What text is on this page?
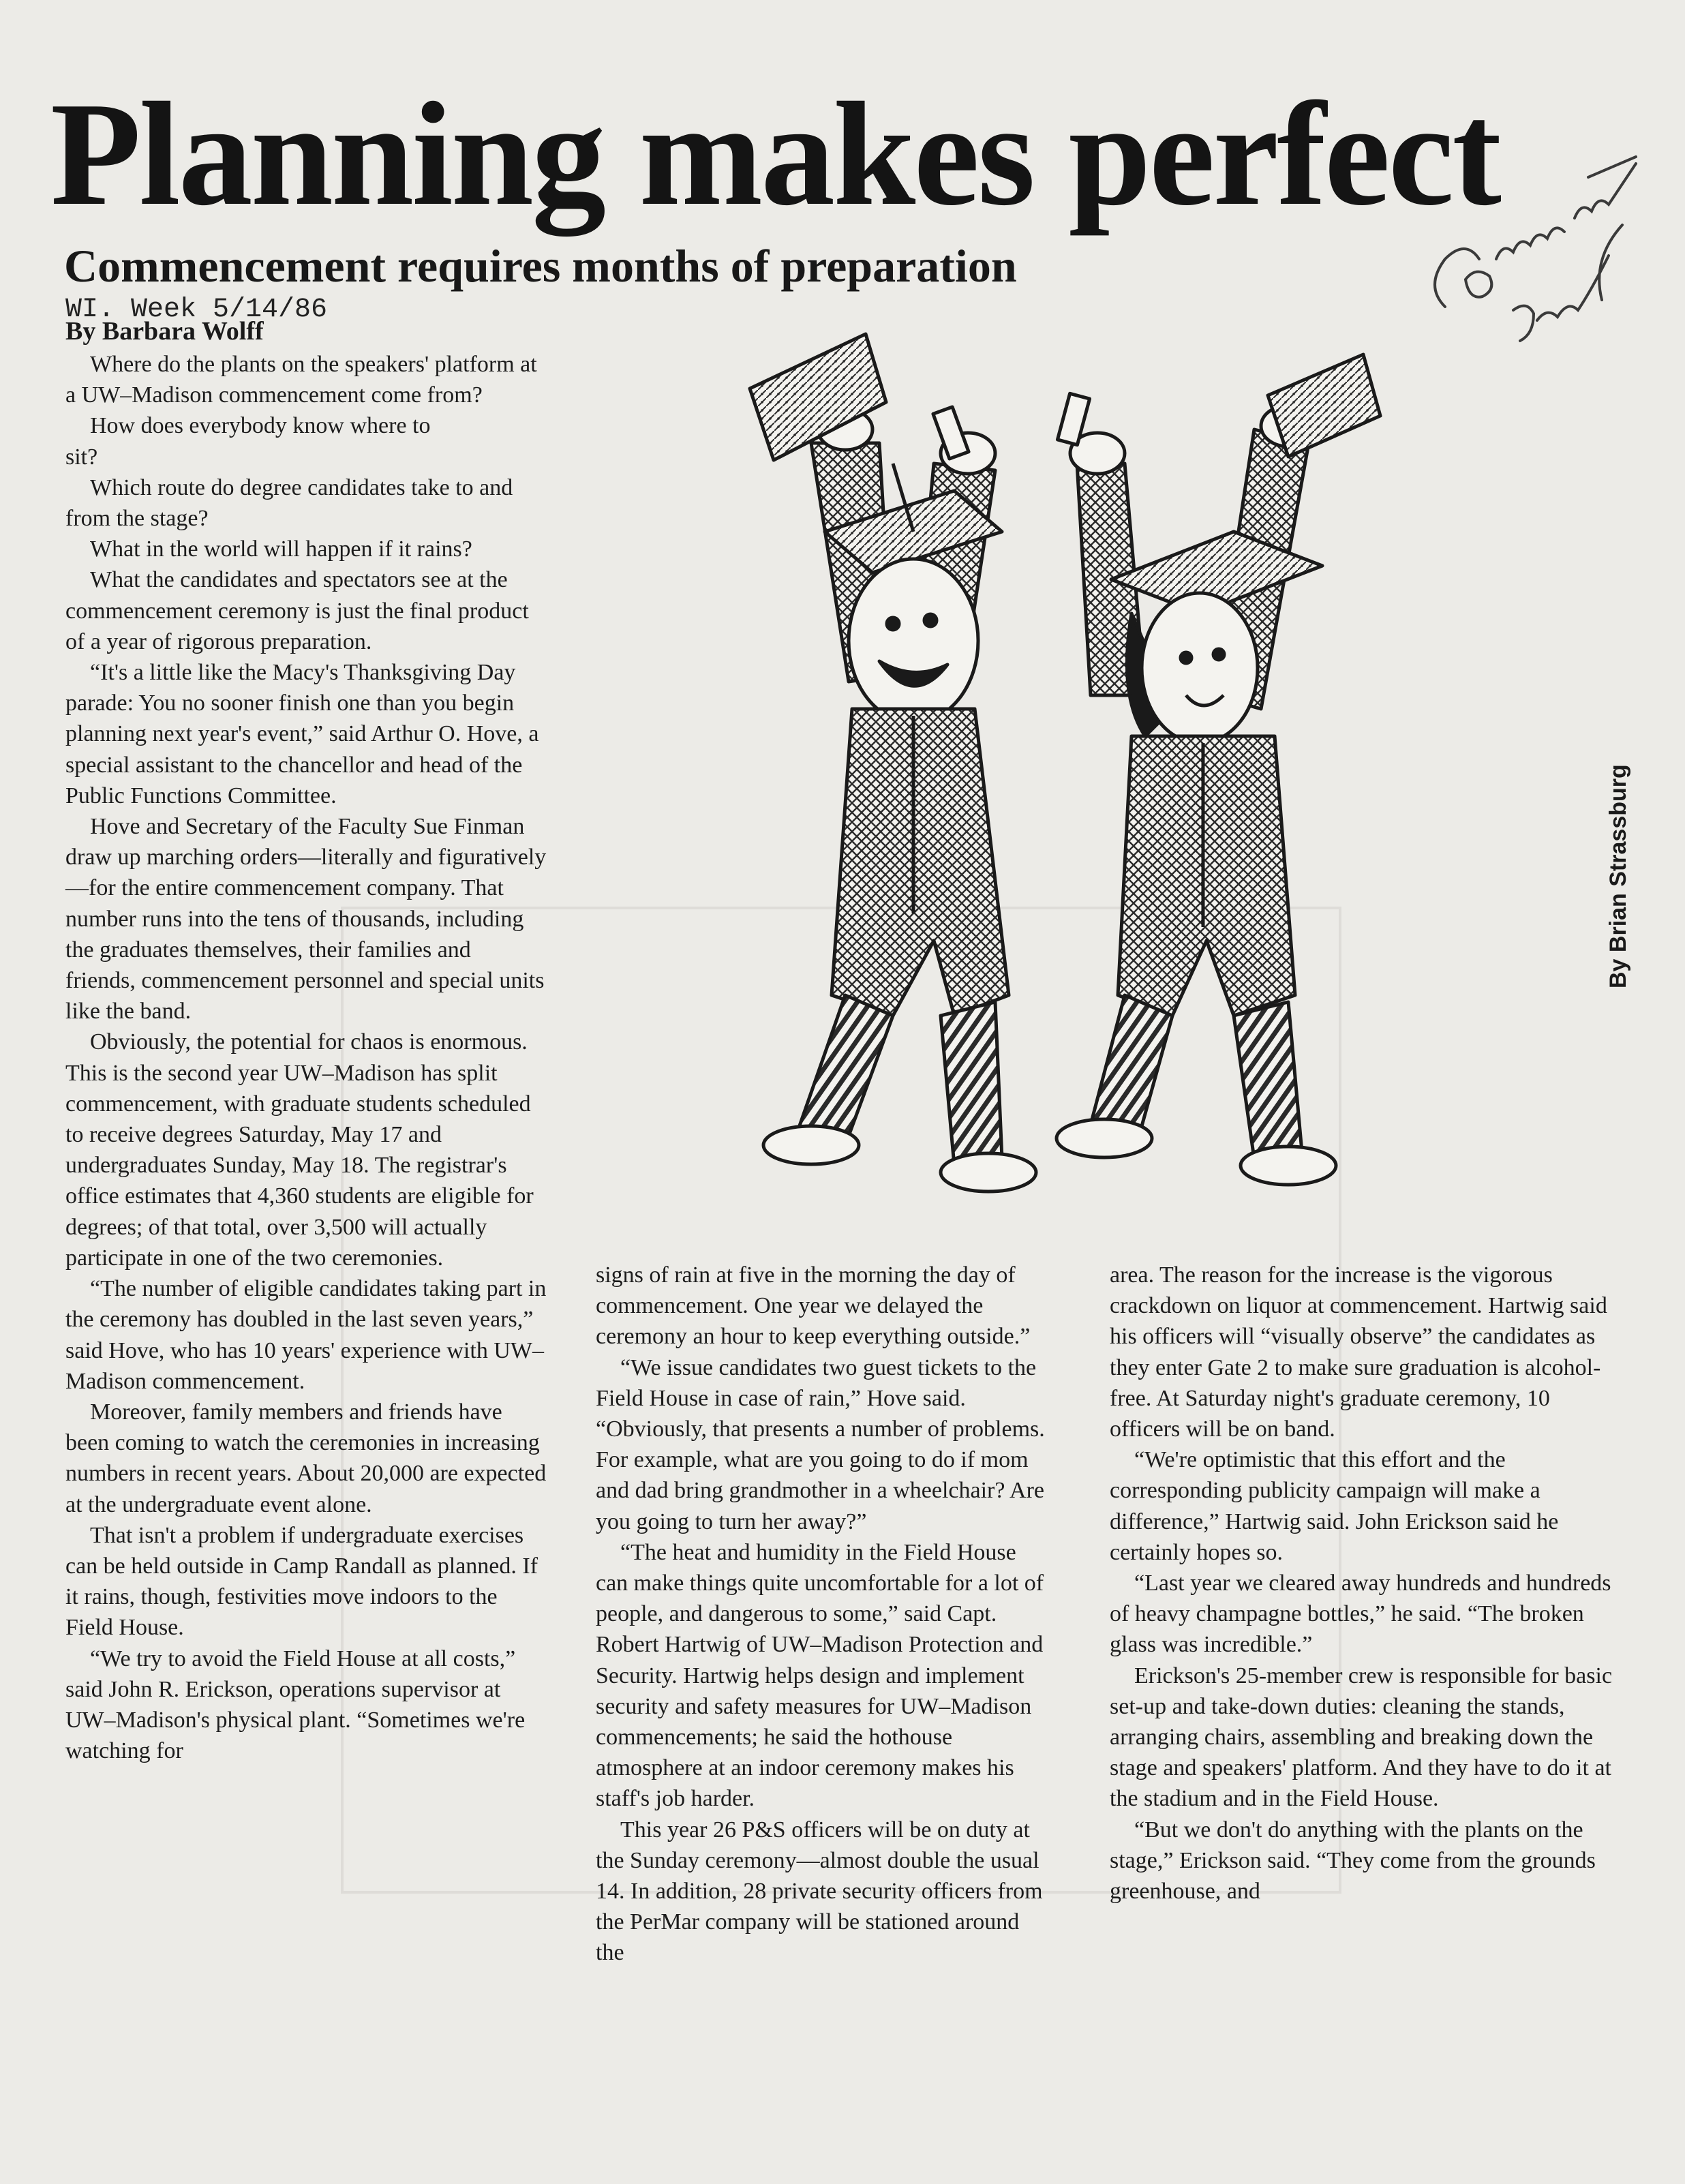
Planning makes perfect
Commencement requires months of preparation
WI. Week 5/14/86
By Barbara Wolff

Where do the plants on the speakers' platform at a UW–Madison commencement come from?

How does everybody know where to sit?

Which route do degree candidates take to and from the stage?

What in the world will happen if it rains?

What the candidates and spectators see at the commencement ceremony is just the final product of a year of rigorous preparation.

“It's a little like the Macy's Thanksgiving Day parade: You no sooner finish one than you begin planning next year's event,” said Arthur O. Hove, a special assistant to the chancellor and head of the Public Functions Committee.

Hove and Secretary of the Faculty Sue Finman draw up marching orders—literally and figuratively—for the entire commencement company. That number runs into the tens of thousands, including the graduates themselves, their families and friends, commencement personnel and special units like the band.

Obviously, the potential for chaos is enormous. This is the second year UW–Madison has split commencement, with graduate students scheduled to receive degrees Saturday, May 17 and undergraduates Sunday, May 18. The registrar's office estimates that 4,360 students are eligible for degrees; of that total, over 3,500 will actually participate in one of the two ceremonies.

“The number of eligible candidates taking part in the ceremony has doubled in the last seven years,” said Hove, who has 10 years' experience with UW–Madison commencement.

Moreover, family members and friends have been coming to watch the ceremonies in increasing numbers in recent years. About 20,000 are expected at the undergraduate event alone.

That isn't a problem if undergraduate exercises can be held outside in Camp Randall as planned. If it rains, though, festivities move indoors to the Field House.

“We try to avoid the Field House at all costs,” said John R. Erickson, operations supervisor at UW–Madison's physical plant. “Sometimes we're watching for

signs of rain at five in the morning the day of commencement. One year we delayed the ceremony an hour to keep everything outside.”

“We issue candidates two guest tickets to the Field House in case of rain,” Hove said. “Obviously, that presents a number of problems. For example, what are you going to do if mom and dad bring grandmother in a wheelchair? Are you going to turn her away?”

“The heat and humidity in the Field House can make things quite uncomfortable for a lot of people, and dangerous to some,” said Capt. Robert Hartwig of UW–Madison Protection and Security. Hartwig helps design and implement security and safety measures for UW–Madison commencements; he said the hothouse atmosphere at an indoor ceremony makes his staff's job harder.

This year 26 P&S officers will be on duty at the Sunday ceremony—almost double the usual 14. In addition, 28 private security officers from the PerMar company will be stationed around the

area. The reason for the increase is the vigorous crackdown on liquor at commencement. Hartwig said his officers will “visually observe” the candidates as they enter Gate 2 to make sure graduation is alcohol-free. At Saturday night's graduate ceremony, 10 officers will be on band.

“We're optimistic that this effort and the corresponding publicity campaign will make a difference,” Hartwig said. John Erickson said he certainly hopes so.

“Last year we cleared away hundreds and hundreds of heavy champagne bottles,” he said. “The broken glass was incredible.”

Erickson's 25-member crew is responsible for basic set-up and take-down duties: cleaning the stands, arranging chairs, assembling and breaking down the stage and speakers' platform. And they have to do it at the stadium and in the Field House.

“But we don't do anything with the plants on the stage,” Erickson said. “They come from the grounds greenhouse, and

By Brian Strassburg
